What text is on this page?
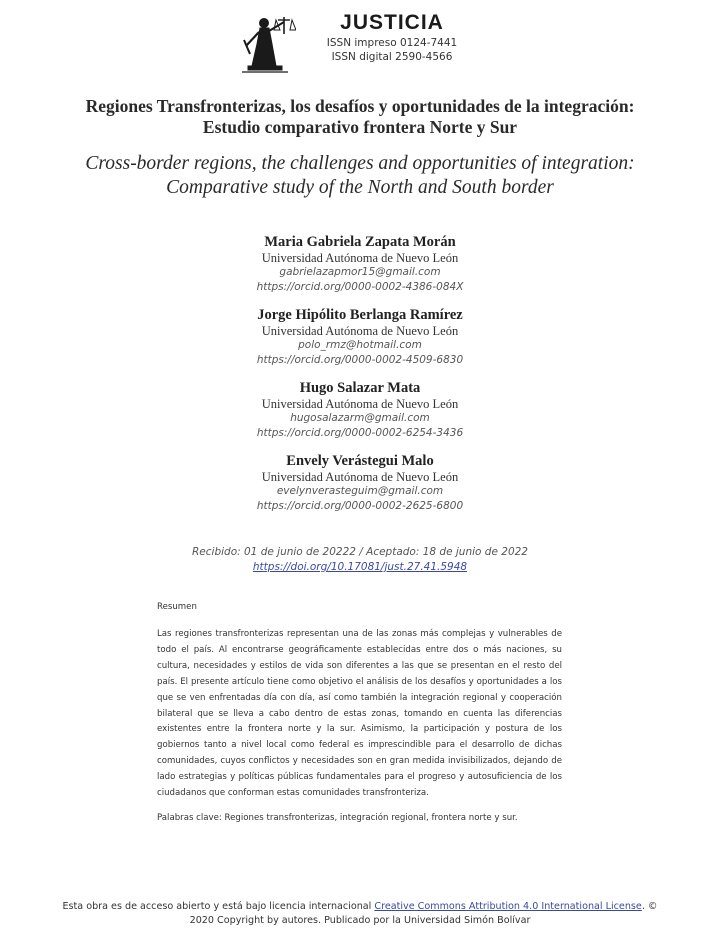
JUSTICIA
ISSN impreso 0124-7441
ISSN digital 2590-4566
Regiones Transfronterizas, los desafíos y oportunidades de la integración: Estudio comparativo frontera Norte y Sur
Cross-border regions, the challenges and opportunities of integration: Comparative study of the North and South border
Maria Gabriela Zapata Morán
Universidad Autónoma de Nuevo León
gabrielazapmor15@gmail.com
https://orcid.org/0000-0002-4386-084X
Jorge Hipólito Berlanga Ramírez
Universidad Autónoma de Nuevo León
polo_rmz@hotmail.com
https://orcid.org/0000-0002-4509-6830
Hugo Salazar Mata
Universidad Autónoma de Nuevo León
hugosalazarm@gmail.com
https://orcid.org/0000-0002-6254-3436
Envely Verástegui Malo
Universidad Autónoma de Nuevo León
evelynverasteguim@gmail.com
https://orcid.org/0000-0002-2625-6800
Recibido: 01 de junio de 20222 / Aceptado: 18 de junio de 2022
https://doi.org/10.17081/just.27.41.5948
Resumen

Las regiones transfronterizas representan una de las zonas más complejas y vulnerables de todo el país. Al encontrarse geográficamente establecidas entre dos o más naciones, su cultura, necesidades y estilos de vida son diferentes a las que se presentan en el resto del país. El presente artículo tiene como objetivo el análisis de los desafíos y oportunidades a los que se ven enfrentadas día con día, así como también la integración regional y cooperación bilateral que se lleva a cabo dentro de estas zonas, tomando en cuenta las diferencias existentes entre la frontera norte y la sur. Asimismo, la participación y postura de los gobiernos tanto a nivel local como federal es imprescindible para el desarrollo de dichas comunidades, cuyos conflictos y necesidades son en gran medida invisibilizados, dejando de lado estrategias y políticas públicas fundamentales para el progreso y autosuficiencia de los ciudadanos que conforman estas comunidades transfronteriza.

Palabras clave: Regiones transfronterizas, integración regional, frontera norte y sur.
Esta obra es de acceso abierto y está bajo licencia internacional Creative Commons Attribution 4.0 International License. © 2020 Copyright by autores. Publicado por la Universidad Simón Bolívar
